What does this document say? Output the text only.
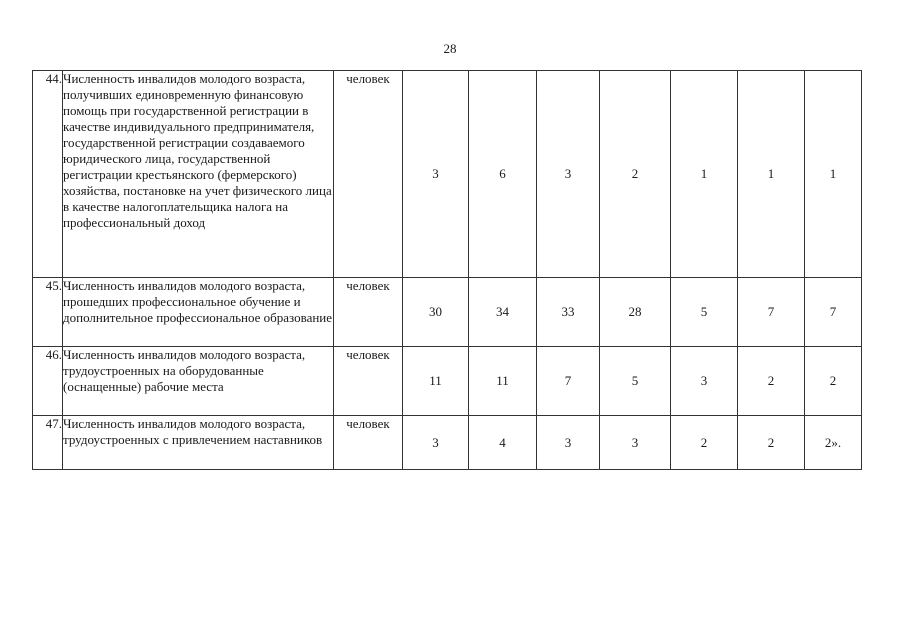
28
44.	Численность инвалидов молодого возраста, получивших единовременную финансовую помощь при государственной регистрации в качестве индивидуального предпринимателя, государственной регистрации создаваемого юридического лица, государственной регистрации крестьянского (фермерского) хозяйства, постановке на учет физического лица в качестве налогоплательщика налога на профессиональный доход	человек	3	6	3	2	1	1	1
45.	Численность инвалидов молодого возраста, прошедших профессиональное обучение и дополнительное профессиональное образование	человек	30	34	33	28	5	7	7
46.	Численность инвалидов молодого возраста, трудоустроенных на оборудованные (оснащенные) рабочие места	человек	11	11	7	5	3	2	2
47.	Численность инвалидов молодого возраста, трудоустроенных с привлечением наставников	человек	3	4	3	3	2	2	2».
